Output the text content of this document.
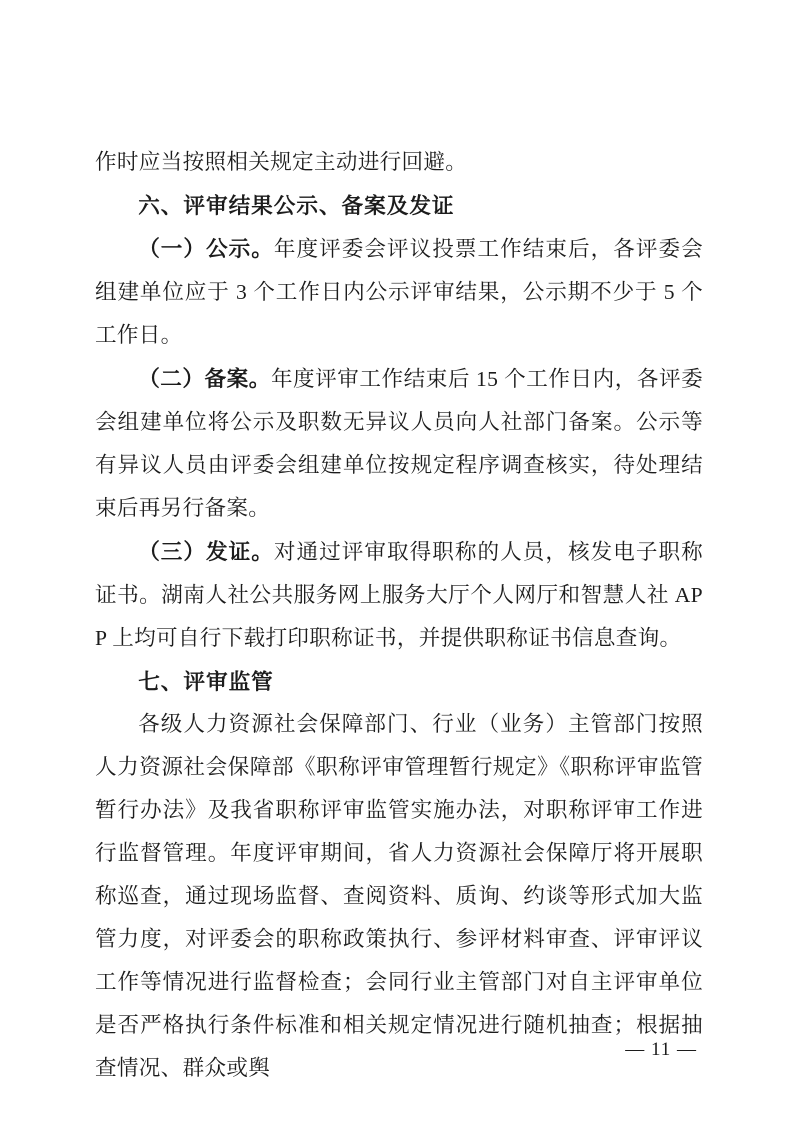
作时应当按照相关规定主动进行回避。

六、评审结果公示、备案及发证

（一）公示。年度评委会评议投票工作结束后，各评委会组建单位应于 3 个工作日内公示评审结果，公示期不少于 5 个工作日。

（二）备案。年度评审工作结束后 15 个工作日内，各评委会组建单位将公示及职数无异议人员向人社部门备案。公示等有异议人员由评委会组建单位按规定程序调查核实，待处理结束后再另行备案。

（三）发证。对通过评审取得职称的人员，核发电子职称证书。湖南人社公共服务网上服务大厅个人网厅和智慧人社 APP 上均可自行下载打印职称证书，并提供职称证书信息查询。

七、评审监管

各级人力资源社会保障部门、行业（业务）主管部门按照人力资源社会保障部《职称评审管理暂行规定》《职称评审监管暂行办法》及我省职称评审监管实施办法，对职称评审工作进行监督管理。年度评审期间，省人力资源社会保障厅将开展职称巡查，通过现场监督、查阅资料、质询、约谈等形式加大监管力度，对评委会的职称政策执行、参评材料审查、评审评议工作等情况进行监督检查；会同行业主管部门对自主评审单位是否严格执行条件标准和相关规定情况进行随机抽查；根据抽查情况、群众或舆

— 11 —
